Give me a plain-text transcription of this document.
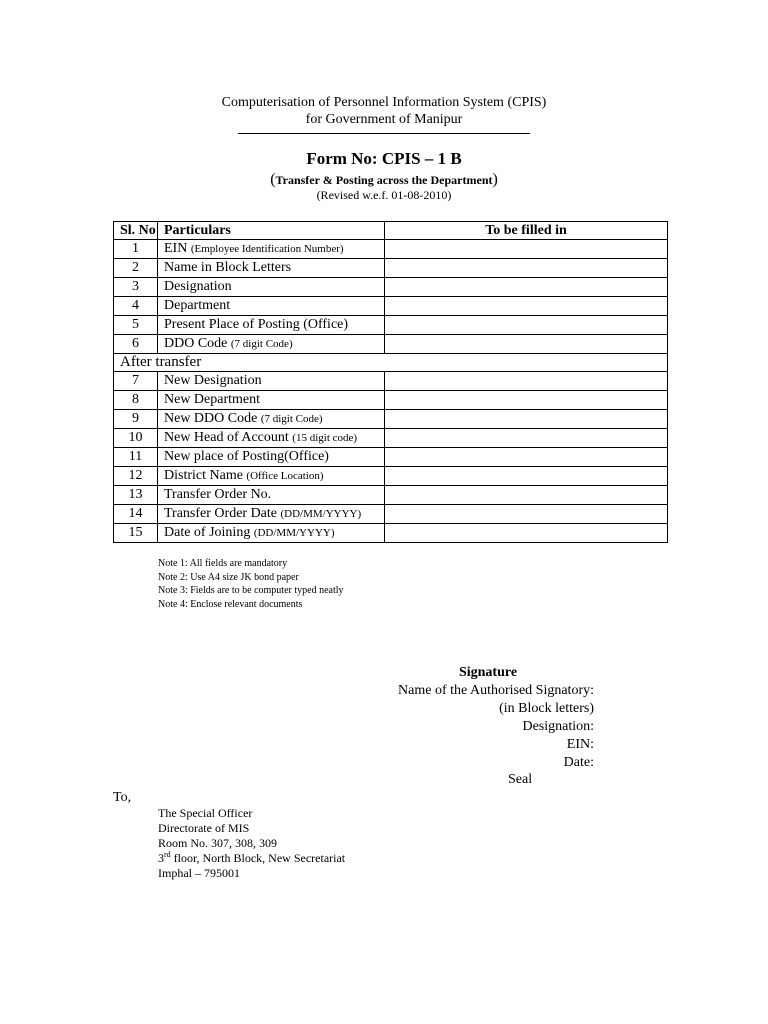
Computerisation of Personnel Information System (CPIS)
for Government of Manipur
Form No: CPIS – 1 B
(Transfer & Posting across the Department)
(Revised w.e.f. 01-08-2010)
Sl. No	Particulars	To be filled in
1	EIN (Employee Identification Number)	
2	Name in Block Letters	
3	Designation	
4	Department	
5	Present Place of Posting (Office)	
6	DDO Code (7 digit Code)	
After transfer		
7	New Designation	
8	New Department	
9	New DDO Code (7 digit Code)	
10	New Head of Account (15 digit code)	
11	New place of Posting(Office)	
12	District Name (Office Location)	
13	Transfer Order No.	
14	Transfer Order Date (DD/MM/YYYY)	
15	Date of Joining (DD/MM/YYYY)	
Note 1: All fields are mandatory
Note 2: Use A4 size JK bond paper
Note 3: Fields are to be computer typed neatly
Note 4: Enclose relevant documents
Signature
Name of the Authorised Signatory:
(in Block letters)
Designation:
EIN:
Date:
Seal
To,
The Special Officer
Directorate of MIS
Room No. 307, 308, 309
3rd floor, North Block, New Secretariat
Imphal – 795001
